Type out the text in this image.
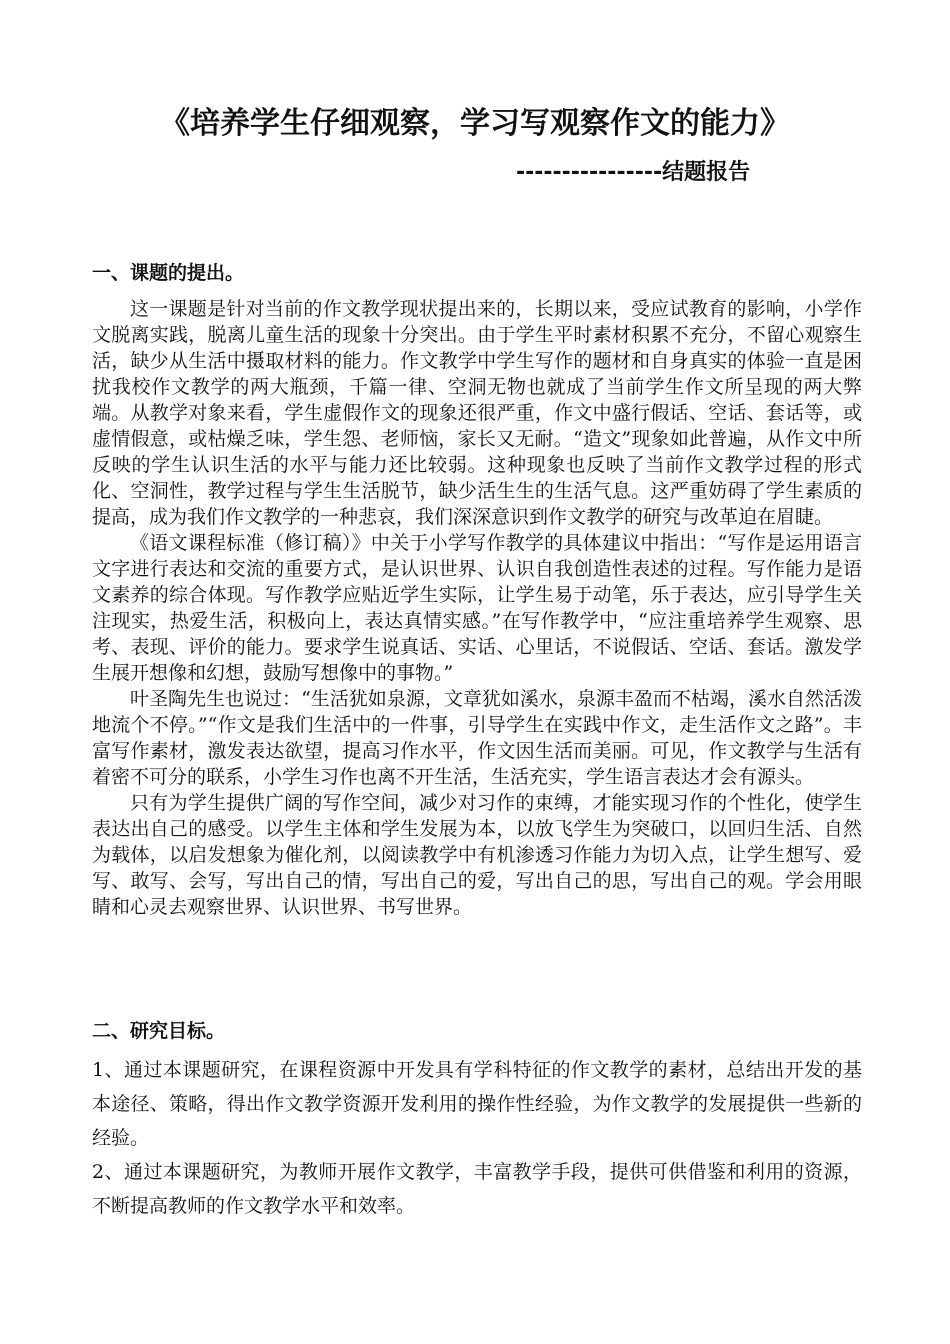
《培养学生仔细观察，学习写观察作文的能力》
----------------结题报告
一、课题的提出。

这一课题是针对当前的作文教学现状提出来的，长期以来，受应试教育的影响，小学作文脱离实践，脱离儿童生活的现象十分突出。由于学生平时素材积累不充分，不留心观察生活，缺少从生活中摄取材料的能力。作文教学中学生写作的题材和自身真实的体验一直是困扰我校作文教学的两大瓶颈，千篇一律、空洞无物也就成了当前学生作文所呈现的两大弊端。从教学对象来看，学生虚假作文的现象还很严重，作文中盛行假话、空话、套话等，或虚情假意，或枯燥乏味，学生怨、老师恼，家长又无耐。“造文”现象如此普遍，从作文中所反映的学生认识生活的水平与能力还比较弱。这种现象也反映了当前作文教学过程的形式化、空洞性，教学过程与学生生活脱节，缺少活生生的生活气息。这严重妨碍了学生素质的提高，成为我们作文教学的一种悲哀，我们深深意识到作文教学的研究与改革迫在眉睫。

《语文课程标准（修订稿）》中关于小学写作教学的具体建议中指出：“写作是运用语言文字进行表达和交流的重要方式，是认识世界、认识自我创造性表述的过程。写作能力是语文素养的综合体现。写作教学应贴近学生实际，让学生易于动笔，乐于表达，应引导学生关注现实，热爱生活，积极向上，表达真情实感。”在写作教学中，“应注重培养学生观察、思考、表现、评价的能力。要求学生说真话、实话、心里话，不说假话、空话、套话。激发学生展开想像和幻想，鼓励写想像中的事物。”

叶圣陶先生也说过：“生活犹如泉源，文章犹如溪水，泉源丰盈而不枯竭，溪水自然活泼地流个不停。”“作文是我们生活中的一件事，引导学生在实践中作文，走生活作文之路”。丰富写作素材，激发表达欲望，提高习作水平，作文因生活而美丽。可见，作文教学与生活有着密不可分的联系，小学生习作也离不开生活，生活充实，学生语言表达才会有源头。

只有为学生提供广阔的写作空间，减少对习作的束缚，才能实现习作的个性化，使学生表达出自己的感受。以学生主体和学生发展为本，以放飞学生为突破口，以回归生活、自然为载体，以启发想象为催化剂，以阅读教学中有机渗透习作能力为切入点，让学生想写、爱写、敢写、会写，写出自己的情，写出自己的爱，写出自己的思，写出自己的观。学会用眼睛和心灵去观察世界、认识世界、书写世界。

二、研究目标。

1、通过本课题研究，在课程资源中开发具有学科特征的作文教学的素材，总结出开发的基本途径、策略，得出作文教学资源开发利用的操作性经验，为作文教学的发展提供一些新的经验。

2、通过本课题研究，为教师开展作文教学，丰富教学手段，提供可供借鉴和利用的资源，不断提高教师的作文教学水平和效率。
